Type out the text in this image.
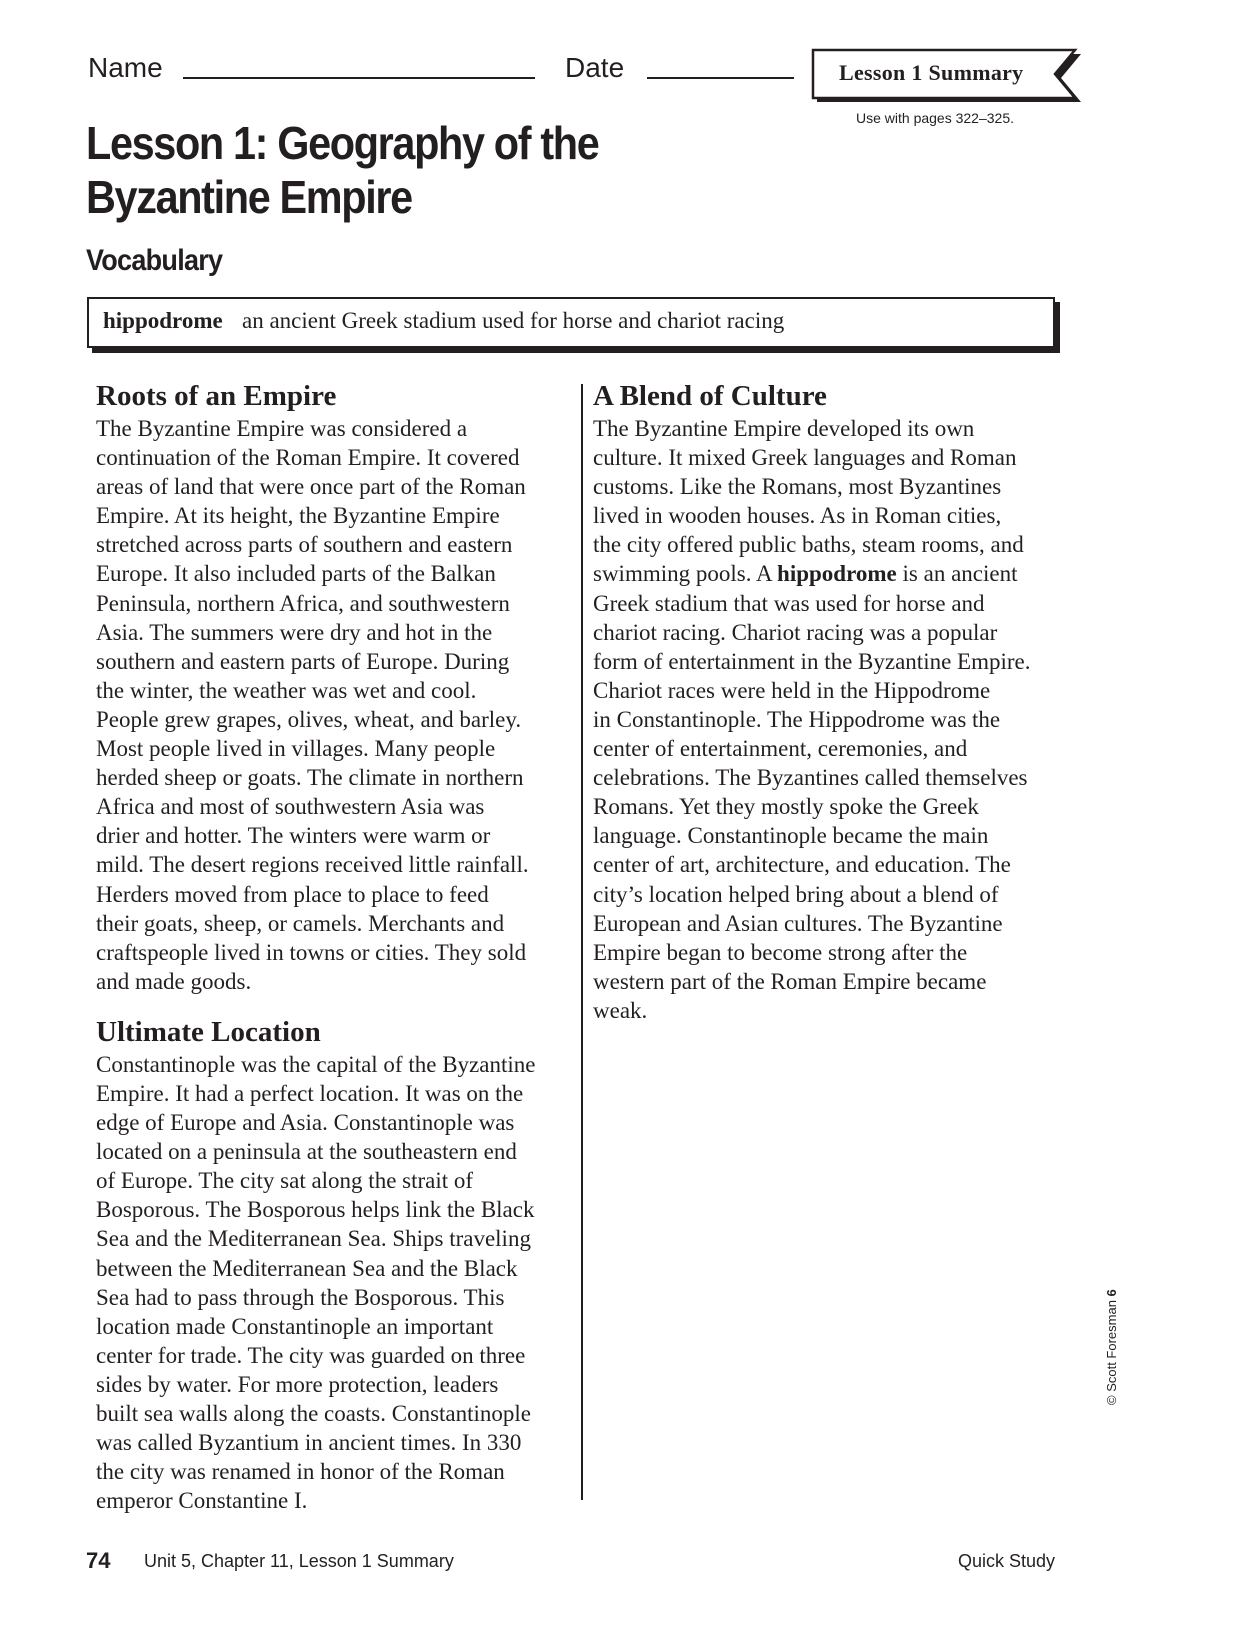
Name	Date	Lesson 1 Summary
Use with pages 322–325.
Lesson 1: Geography of the
Byzantine Empire
Vocabulary
hippodrome an ancient Greek stadium used for horse and chariot racing
Roots of an Empire

The Byzantine Empire was considered a
continuation of the Roman Empire. It covered
areas of land that were once part of the Roman
Empire. At its height, the Byzantine Empire
stretched across parts of southern and eastern
Europe. It also included parts of the Balkan
Peninsula, northern Africa, and southwestern
Asia. The summers were dry and hot in the
southern and eastern parts of Europe. During
the winter, the weather was wet and cool.
People grew grapes, olives, wheat, and barley.
Most people lived in villages. Many people
herded sheep or goats. The climate in northern
Africa and most of southwestern Asia was
drier and hotter. The winters were warm or
mild. The desert regions received little rainfall.
Herders moved from place to place to feed
their goats, sheep, or camels. Merchants and
craftspeople lived in towns or cities. They sold
and made goods.

Ultimate Location

Constantinople was the capital of the Byzantine
Empire. It had a perfect location. It was on the
edge of Europe and Asia. Constantinople was
located on a peninsula at the southeastern end
of Europe. The city sat along the strait of
Bosporous. The Bosporous helps link the Black
Sea and the Mediterranean Sea. Ships traveling
between the Mediterranean Sea and the Black
Sea had to pass through the Bosporous. This
location made Constantinople an important
center for trade. The city was guarded on three
sides by water. For more protection, leaders
built sea walls along the coasts. Constantinople
was called Byzantium in ancient times. In 330
the city was renamed in honor of the Roman
emperor Constantine I.

A Blend of Culture

The Byzantine Empire developed its own
culture. It mixed Greek languages and Roman
customs. Like the Romans, most Byzantines
lived in wooden houses. As in Roman cities,
the city offered public baths, steam rooms, and
swimming pools. A hippodrome is an ancient
Greek stadium that was used for horse and
chariot racing. Chariot racing was a popular
form of entertainment in the Byzantine Empire.
Chariot races were held in the Hippodrome
in Constantinople. The Hippodrome was the
center of entertainment, ceremonies, and
celebrations. The Byzantines called themselves
Romans. Yet they mostly spoke the Greek
language. Constantinople became the main
center of art, architecture, and education. The
city’s location helped bring about a blend of
European and Asian cultures. The Byzantine
Empire began to become strong after the
western part of the Roman Empire became
weak.

© Scott Foresman 6
74 Unit 5, Chapter 11, Lesson 1 Summary	Quick Study
